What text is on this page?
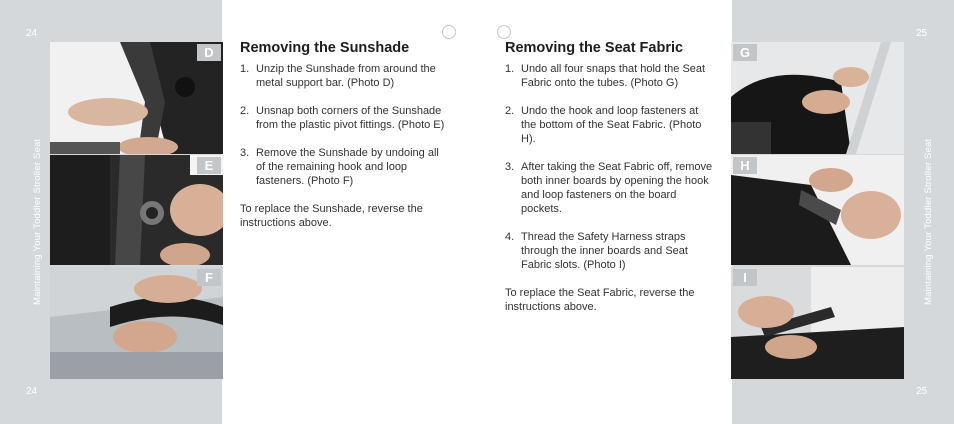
24
24
25
25
Maintaining Your Toddler Stroller Seat	Maintaining Your Toddler Stroller Seat
D
E
F
G
H
I
Removing the Sunshade
1. Unzip the Sunshade from around the metal support bar. (Photo D)
2. Unsnap both corners of the Sunshade from the plastic pivot fittings. (Photo E)
3. Remove the Sunshade by undoing all of the remaining hook and loop fasteners. (Photo F)

To replace the Sunshade, reverse the instructions above.

Removing the Seat Fabric
1. Undo all four snaps that hold the Seat Fabric onto the tubes. (Photo G)
2. Undo the hook and loop fasteners at the bottom of the Seat Fabric. (Photo H).
3. After taking the Seat Fabric off, remove both inner boards by opening the hook and loop fasteners on the board pockets.
4. Thread the Safety Harness straps through the inner boards and Seat Fabric slots. (Photo I)

To replace the Seat Fabric, reverse the instructions above.
